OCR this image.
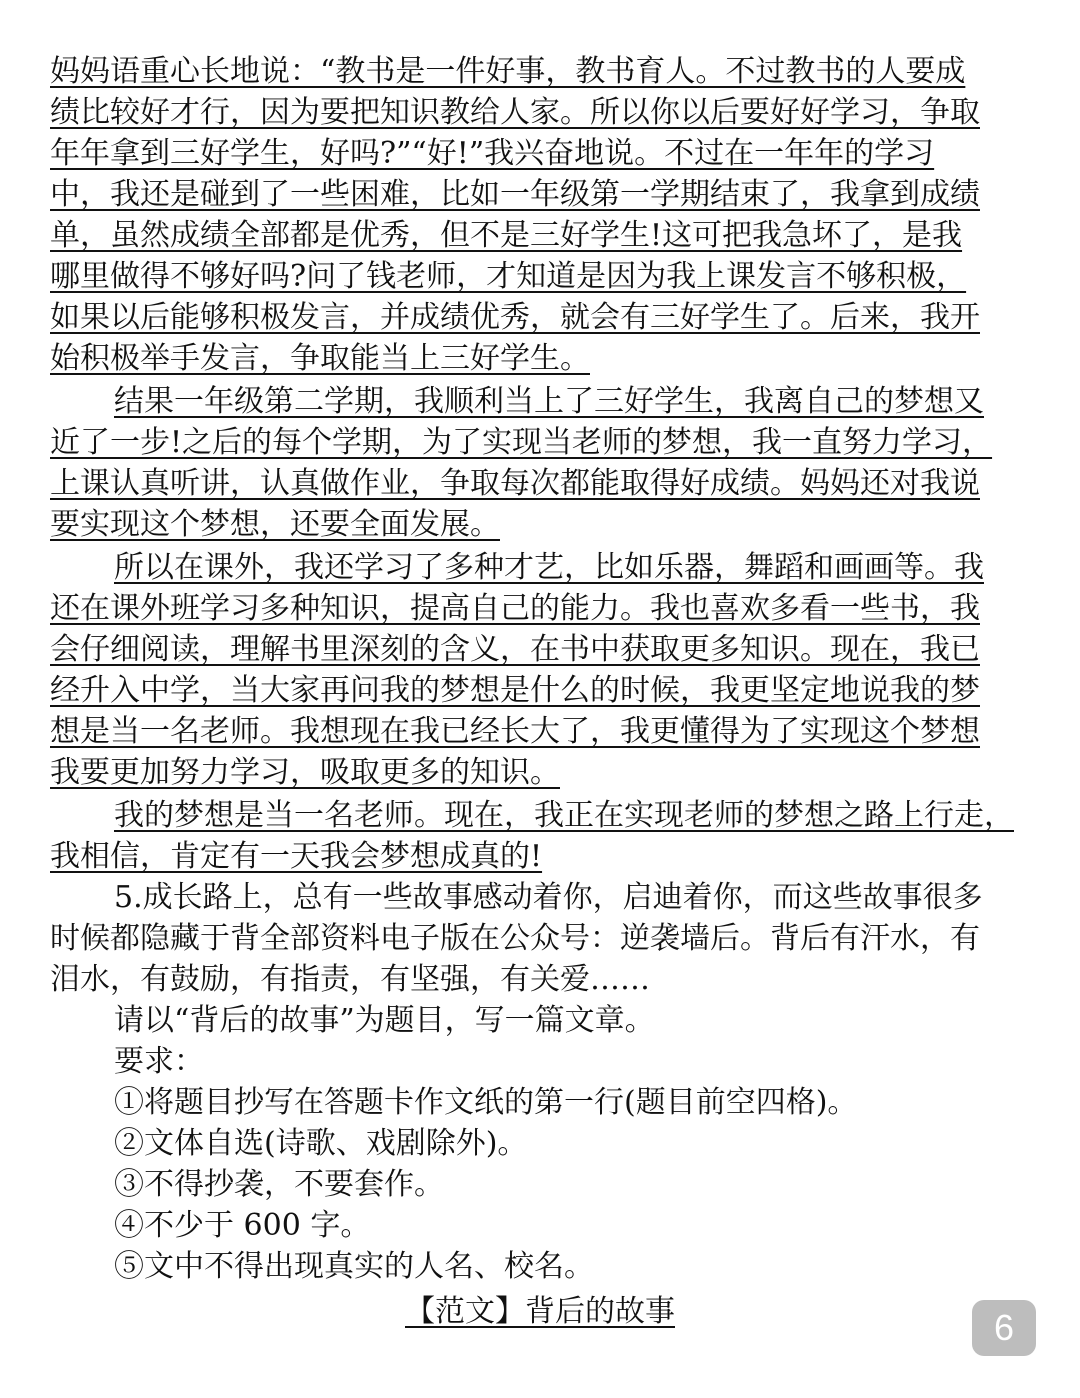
妈妈语重心长地说：“教书是一件好事，教书育人。不过教书的人要成
绩比较好才行，因为要把知识教给人家。所以你以后要好好学习，争取
年年拿到三好学生，好吗?”“好!”我兴奋地说。不过在一年年的学习
中，我还是碰到了一些困难，比如一年级第一学期结束了，我拿到成绩
单，虽然成绩全部都是优秀，但不是三好学生!这可把我急坏了，是我
哪里做得不够好吗?问了钱老师，才知道是因为我上课发言不够积极，
如果以后能够积极发言，并成绩优秀，就会有三好学生了。后来，我开
始积极举手发言，争取能当上三好学生。
结果一年级第二学期，我顺利当上了三好学生，我离自己的梦想又
近了一步!之后的每个学期，为了实现当老师的梦想，我一直努力学习，
上课认真听讲，认真做作业，争取每次都能取得好成绩。妈妈还对我说
要实现这个梦想，还要全面发展。
所以在课外，我还学习了多种才艺，比如乐器，舞蹈和画画等。我
还在课外班学习多种知识，提高自己的能力。我也喜欢多看一些书，我
会仔细阅读，理解书里深刻的含义，在书中获取更多知识。现在，我已
经升入中学，当大家再问我的梦想是什么的时候，我更坚定地说我的梦
想是当一名老师。我想现在我已经长大了，我更懂得为了实现这个梦想
我要更加努力学习，吸取更多的知识。
我的梦想是当一名老师。现在，我正在实现老师的梦想之路上行走，
我相信，肯定有一天我会梦想成真的!
5.成长路上，总有一些故事感动着你，启迪着你，而这些故事很多
时候都隐藏于背全部资料电子版在公众号：逆袭墙后。背后有汗水，有
泪水，有鼓励，有指责，有坚强，有关爱……
请以“背后的故事”为题目，写一篇文章。
要求：
①将题目抄写在答题卡作文纸的第一行(题目前空四格)。
②文体自选(诗歌、戏剧除外)。
③不得抄袭，不要套作。
④不少于 600 字。
⑤文中不得出现真实的人名、校名。
【范文】背后的故事	6
